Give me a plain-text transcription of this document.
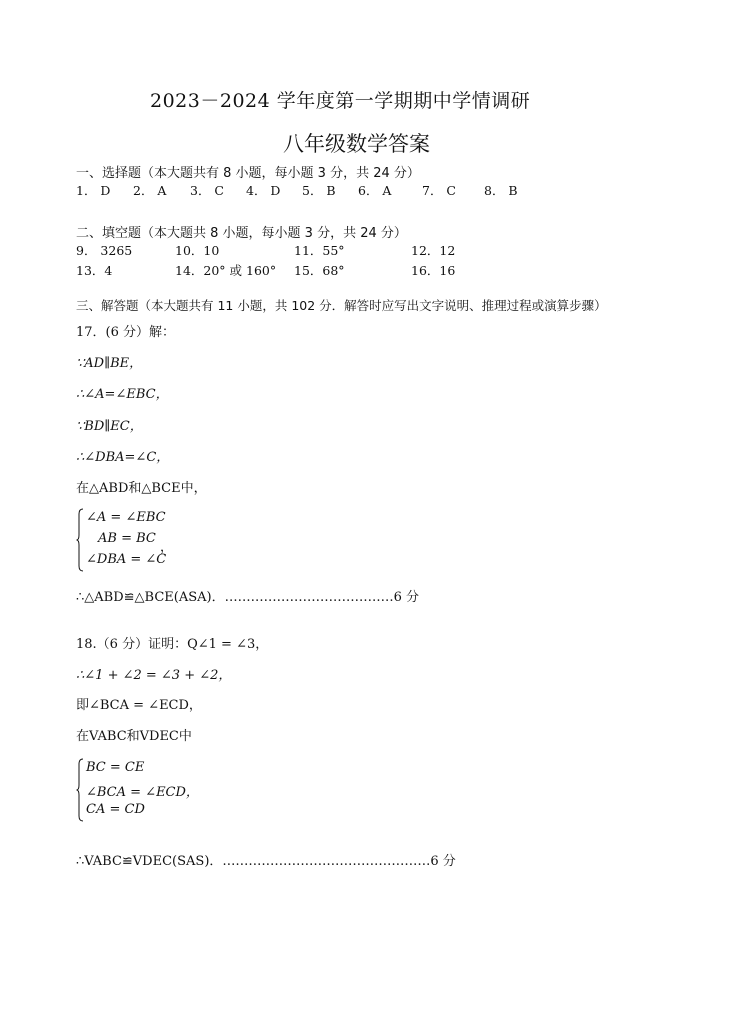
2023－2024 学年度第一学期期中学情调研
八年级数学答案
一、选择题（本大题共有 8 小题，每小题 3 分，共 24 分）
1． D 2． A 3． C 4． D 5． B 6． A 7． C 8． B
二、填空题（本大题共 8 小题，每小题 3 分，共 24 分）
9． 3265	10．10	11．55°	12．12
13．4	14．20° 或 160° 15．68°	16．16
三、解答题（本大题共有 11 小题，共 102 分．解答时应写出文字说明、推理过程或演算步骤）
17．(6 分）解：
∵AD∥BE，
∴∠A=∠EBC，
∵BD∥EC，
∴∠DBA=∠C，
在△ABD和△BCE中，
∠A = ∠EBC
AB = BC
∠DBA = ∠C
，
∴△ABD≌△BCE(ASA)．…………………………………6 分
18.（6 分）证明：Q∠1 = ∠3，
∴∠1 + ∠2 = ∠3 + ∠2，
即∠BCA = ∠ECD，
在VABC和VDEC中
BC = CE
∠BCA = ∠ECD，
CA = CD
∴VABC≌VDEC(SAS)．…………………………………………6 分
